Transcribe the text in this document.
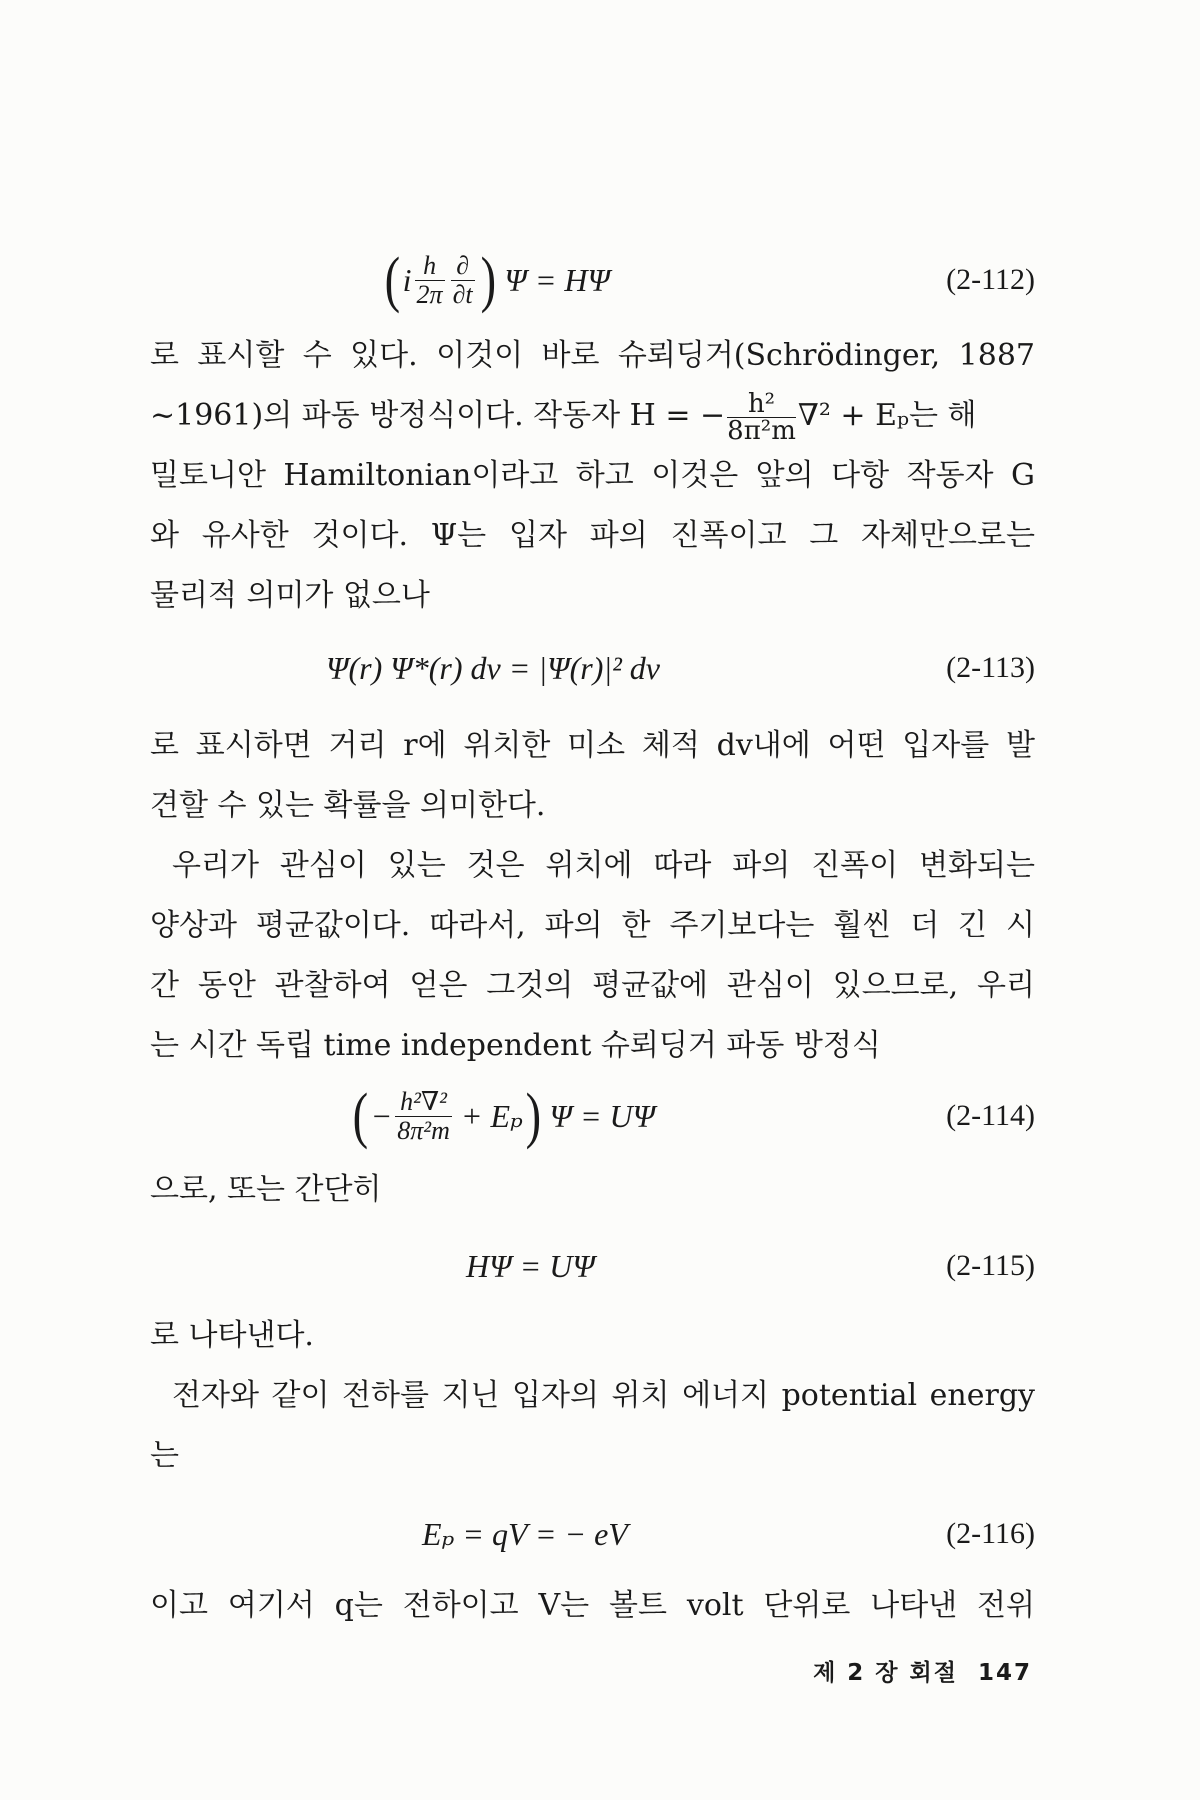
( i $\frac{h}{2\pi} \frac{\partial}{\partial t}$ ) Ψ = HΨ	(2-112)
로 표시할 수 있다. 이것이 바로 슈뢰딩거(Schrödinger, 1887
~1961)의 파동 방정식이다. 작동자 H = − $\frac{\text{h²}}{\text{8π²m}} \nabla^2 + E_p$는 해
밀토니안 Hamiltonian이라고 하고 이것은 앞의 다항 작동자 G
와 유사한 것이다. Ψ는 입자 파의 진폭이고 그 자체만으로는
물리적 의미가 없으나
Ψ(r) Ψ*(r) dv = |Ψ(r)|² dv	(2-113)
로 표시하면 거리 r에 위치한 미소 체적 dv내에 어떤 입자를 발
견할 수 있는 확률을 의미한다.
우리가 관심이 있는 것은 위치에 따라 파의 진폭이 변화되는
양상과 평균값이다. 따라서, 파의 한 주기보다는 훨씬 더 긴 시
간 동안 관찰하여 얻은 그것의 평균값에 관심이 있으므로, 우리
는 시간 독립 time independent 슈뢰딩거 파동 방정식
( − $\frac{\text{h²∇²}}{\text{8π²m}} + E_p$ ) Ψ = UΨ	(2-114)
으로, 또는 간단히
HΨ = UΨ	(2-115)
로 나타낸다.
전자와 같이 전하를 지닌 입자의 위치 에너지 potential energy
는
Eₚ = qV = − eV	(2-116)
이고 여기서 q는 전하이고 V는 볼트 volt 단위로 나타낸 전위
제 2 장 회절 147
